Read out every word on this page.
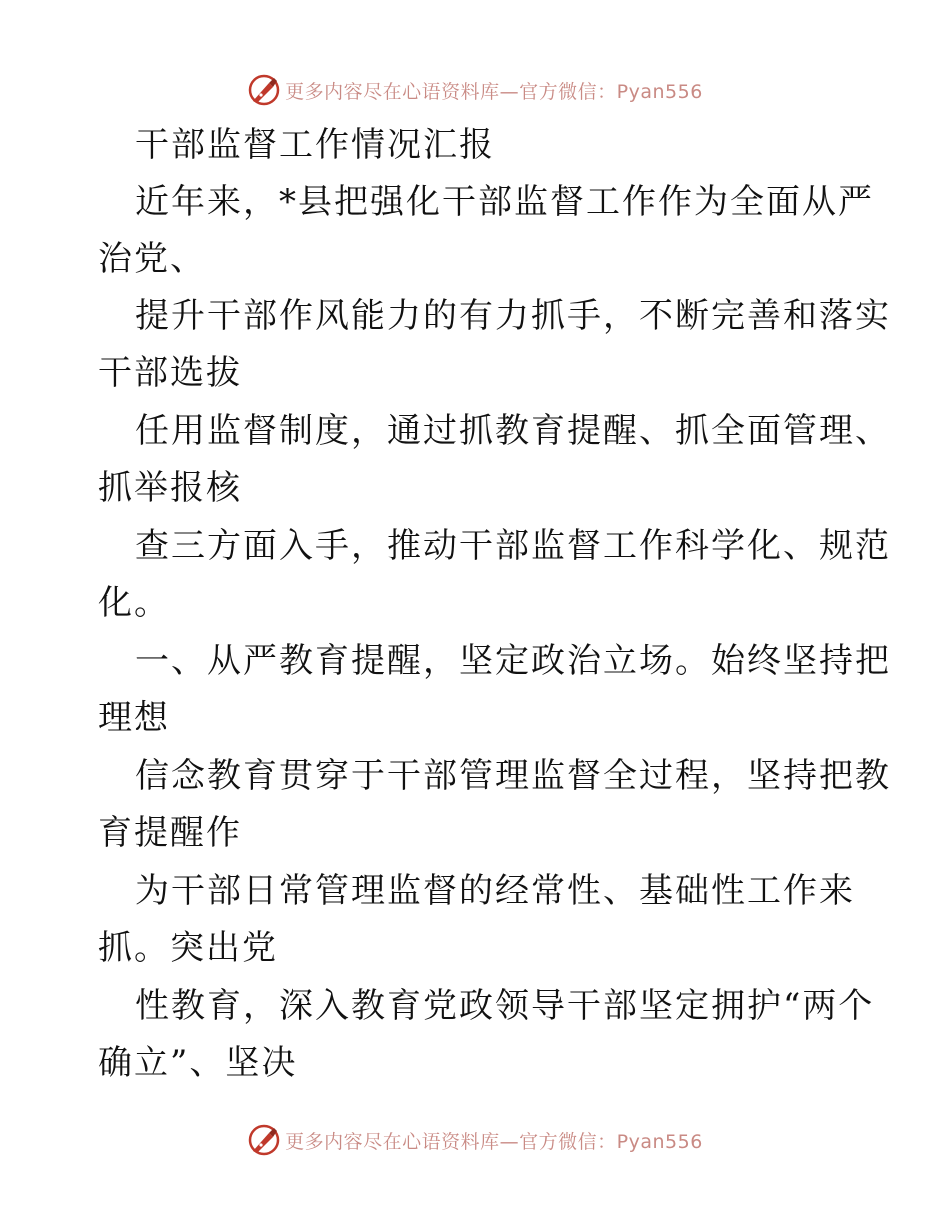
更多内容尽在心语资料库—官方微信：Pyan556
干部监督工作情况汇报
近年来，*县把强化干部监督工作作为全面从严
治党、
提升干部作风能力的有力抓手，不断完善和落实
干部选拔
任用监督制度，通过抓教育提醒、抓全面管理、
抓举报核
查三方面入手，推动干部监督工作科学化、规范
化。
一、从严教育提醒，坚定政治立场。始终坚持把
理想
信念教育贯穿于干部管理监督全过程，坚持把教
育提醒作
为干部日常管理监督的经常性、基础性工作来
抓。突出党
性教育，深入教育党政领导干部坚定拥护“两个
确立”、坚决
更多内容尽在心语资料库—官方微信：Pyan556
